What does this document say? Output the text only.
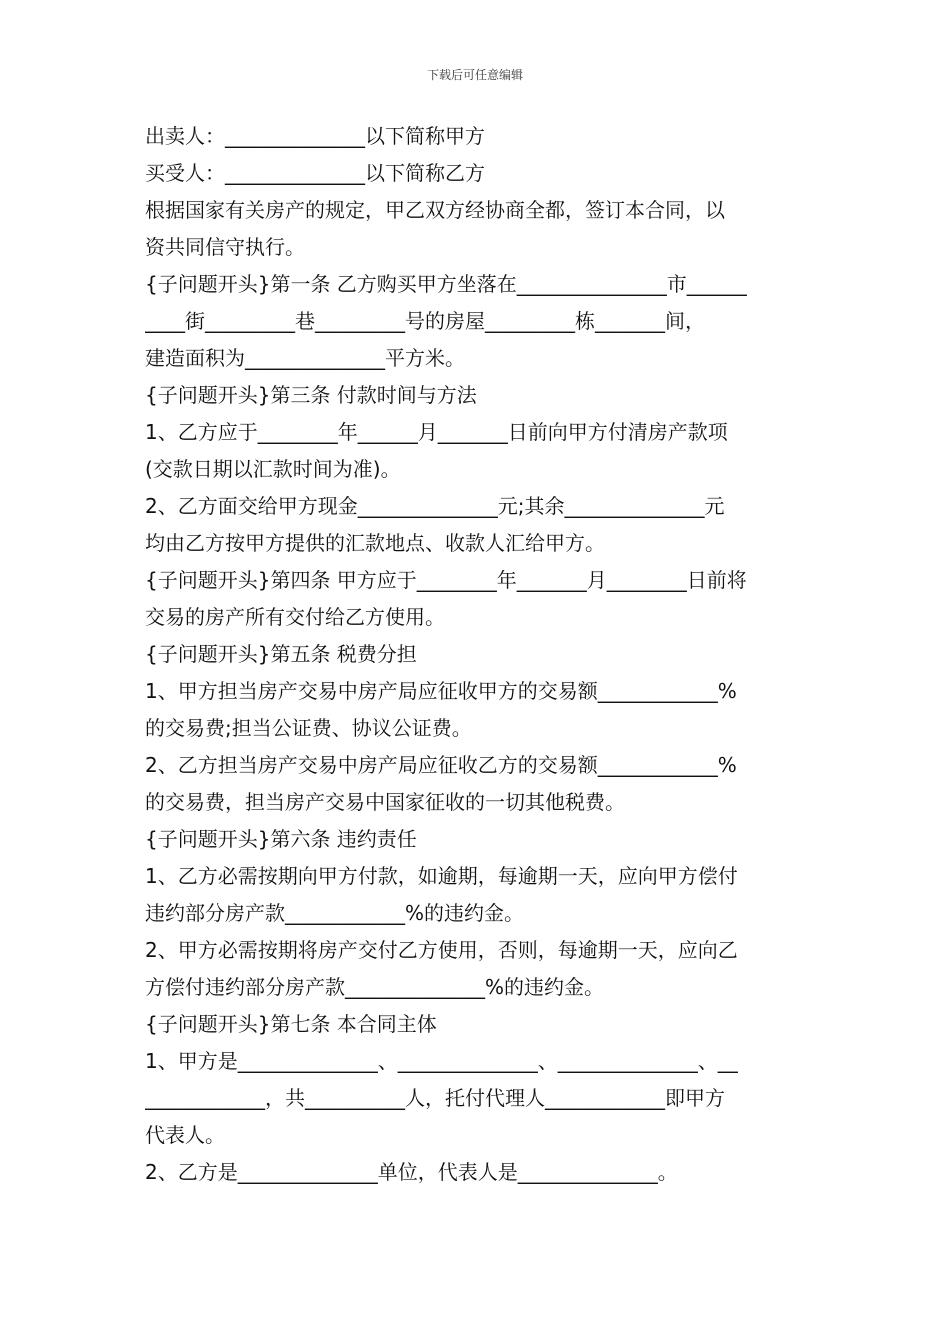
下载后可任意编辑
出卖人：______________以下简称甲方
买受人：______________以下简称乙方
根据国家有关房产的规定，甲乙双方经协商全都，签订本合同，以
资共同信守执行。
{子问题开头}第一条 乙方购买甲方坐落在_______________市______
____街_________巷_________号的房屋_________栋_______间，
建造面积为______________平方米。
{子问题开头}第三条 付款时间与方法
1、乙方应于________年______月_______日前向甲方付清房产款项
(交款日期以汇款时间为准)。
2、乙方面交给甲方现金______________元;其余______________元
均由乙方按甲方提供的汇款地点、收款人汇给甲方。
{子问题开头}第四条 甲方应于________年_______月________日前将
交易的房产所有交付给乙方使用。
{子问题开头}第五条 税费分担
1、甲方担当房产交易中房产局应征收甲方的交易额____________%
的交易费;担当公证费、协议公证费。
2、乙方担当房产交易中房产局应征收乙方的交易额____________%
的交易费，担当房产交易中国家征收的一切其他税费。
{子问题开头}第六条 违约责任
1、乙方必需按期向甲方付款，如逾期，每逾期一天，应向甲方偿付
违约部分房产款____________%的违约金。
2、甲方必需按期将房产交付乙方使用，否则，每逾期一天，应向乙
方偿付违约部分房产款______________%的违约金。
{子问题开头}第七条 本合同主体
1、甲方是______________、______________、______________、__
____________，共__________人，托付代理人____________即甲方
代表人。
2、乙方是______________单位，代表人是______________。
